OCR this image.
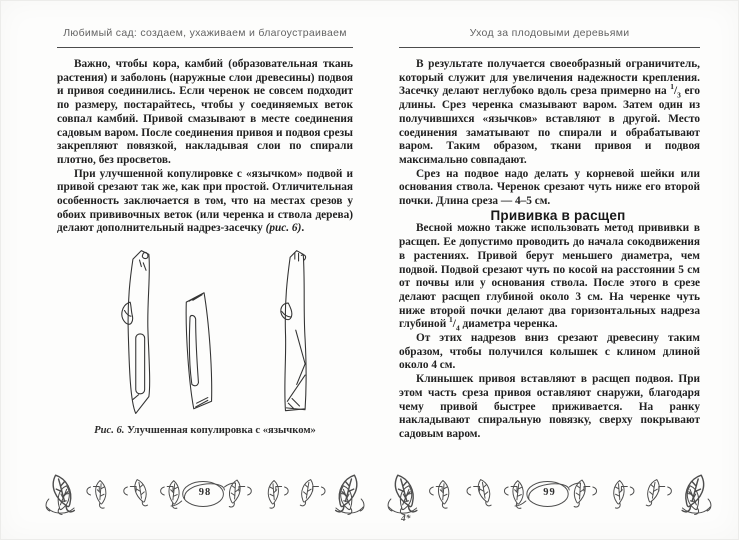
Любимый сад: создаем, ухаживаем и благоустраиваем

Важно, чтобы кора, камбий (образовательная ткань растения) и заболонь (наружные слои древесины) подвоя и привоя соединились. Если черенок не совсем подходит по размеру, постарайтесь, чтобы у соединяемых веток совпал камбий. Привой смазывают в месте соединения садовым варом. После соединения привоя и подвоя срезы закрепляют повязкой, накладывая слои по спирали плотно, без просветов.

При улучшенной копулировке с «язычком» подвой и привой срезают так же, как при простой. Отличительная особенность заключается в том, что на местах срезов у обоих прививочных веток (или черенка и ствола дерева) делают дополнительный надрез-засечку (рис. 6).

Рис. 6. Улучшенная копулировка с «язычком»

98
Уход за плодовыми деревьями

В результате получается своеобразный ограничитель, который служит для увеличения надежности крепления. Засечку делают неглубоко вдоль среза примерно на $^1/_3$ его длины. Срез черенка смазывают варом. Затем один из получившихся «язычков» вставляют в другой. Место соединения заматывают по спирали и обрабатывают варом. Таким образом, ткани привоя и подвоя максимально совпадают.

Срез на подвое надо делать у корневой шейки или основания ствола. Черенок срезают чуть ниже его второй почки. Длина среза — 4–5 см.

Прививка в расщеп

Весной можно также использовать метод прививки в расщеп. Ее допустимо проводить до начала сокодвижения в растениях. Привой берут меньшего диаметра, чем подвой. Подвой срезают чуть по косой на расстоянии 5 см от почвы или у основания ствола. После этого в срезе делают расщеп глубиной около 3 см. На черенке чуть ниже второй почки делают два горизонтальных надреза глубиной $^1/_4$ диаметра черенка.

От этих надрезов вниз срезают древесину таким образом, чтобы получился колышек с клином длиной около 4 см.

Клинышек привоя вставляют в расщеп подвоя. При этом часть среза привоя оставляют снаружи, благодаря чему привой быстрее приживается. На ранку накладывают спиральную повязку, сверху покрывают садовым варом.

99
4*
